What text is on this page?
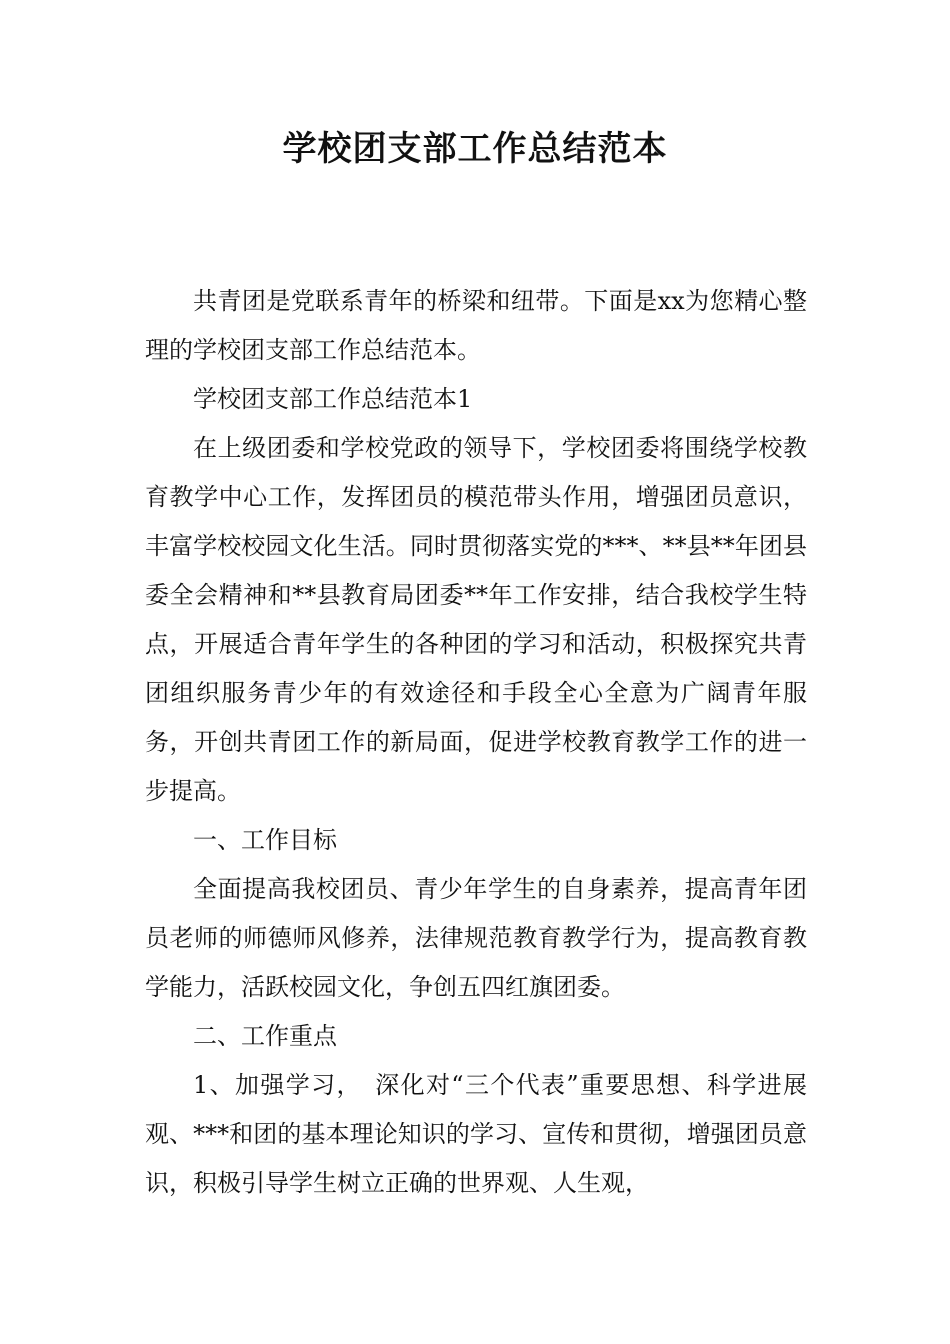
学校团支部工作总结范本

共青团是党联系青年的桥梁和纽带。下面是xx为您精心整理的学校团支部工作总结范本。

学校团支部工作总结范本1

在上级团委和学校党政的领导下，学校团委将围绕学校教育教学中心工作，发挥团员的模范带头作用，增强团员意识，丰富学校校园文化生活。同时贯彻落实党的***、**县**年团县委全会精神和**县教育局团委**年工作安排，结合我校学生特点，开展适合青年学生的各种团的学习和活动，积极探究共青团组织服务青少年的有效途径和手段全心全意为广阔青年服务，开创共青团工作的新局面，促进学校教育教学工作的进一步提高。

一、工作目标

全面提高我校团员、青少年学生的自身素养，提高青年团员老师的师德师风修养，法律规范教育教学行为，提高教育教学能力，活跃校园文化，争创五四红旗团委。

二、工作重点

1、加强学习，　深化对“三个代表”重要思想、科学进展观、***和团的基本理论知识的学习、宣传和贯彻，增强团员意识，积极引导学生树立正确的世界观、人生观，
